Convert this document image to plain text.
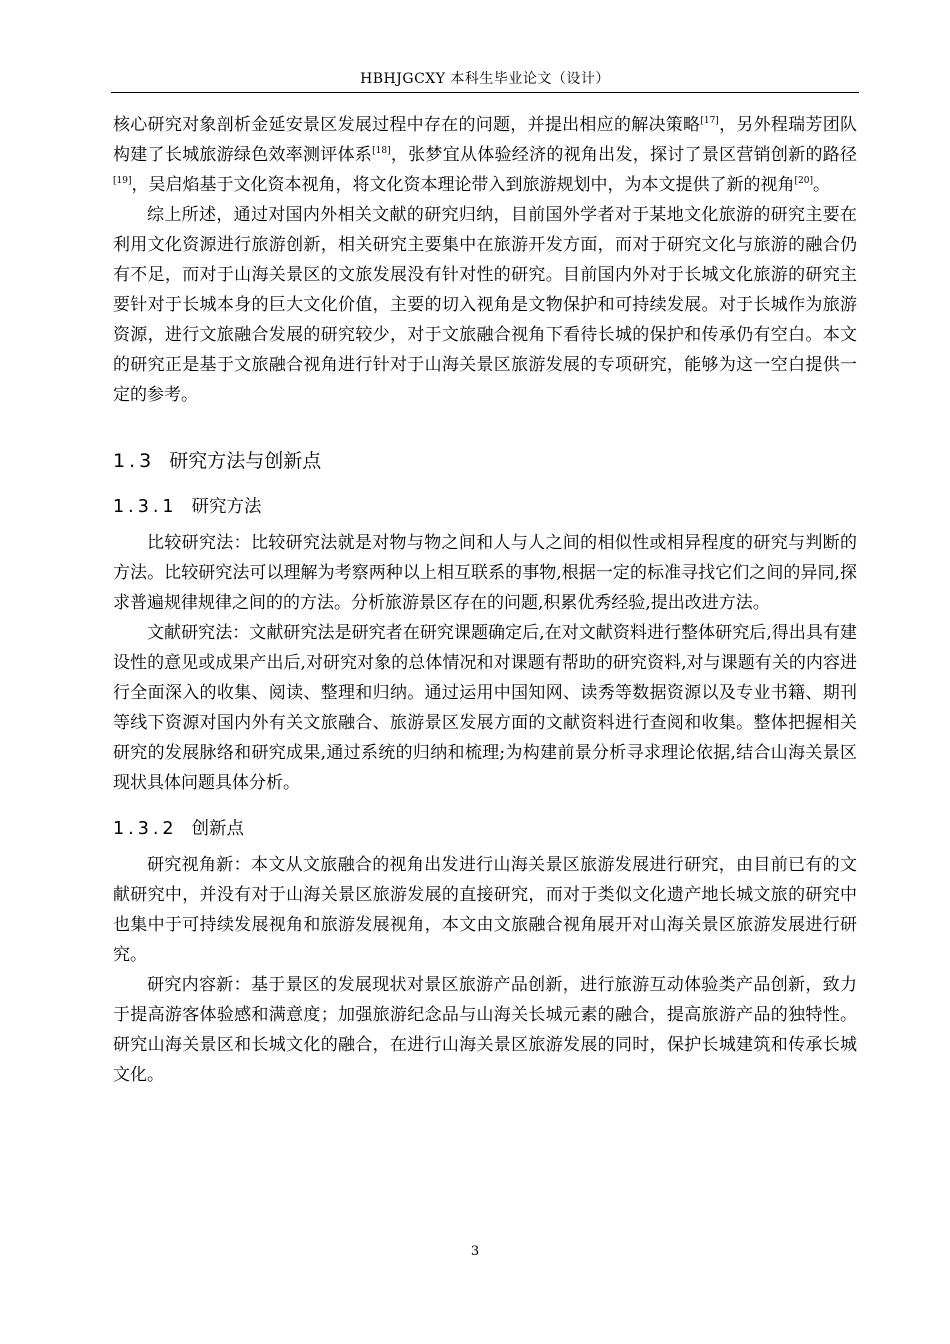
HBHJGCXY 本科生毕业论文（设计）

核心研究对象剖析金延安景区发展过程中存在的问题，并提出相应的解决策略[17]，另外程瑞芳团队构建了长城旅游绿色效率测评体系[18]，张梦宜从体验经济的视角出发，探讨了景区营销创新的路径[19]，吴启焰基于文化资本视角，将文化资本理论带入到旅游规划中，为本文提供了新的视角[20]。

综上所述，通过对国内外相关文献的研究归纳，目前国外学者对于某地文化旅游的研究主要在利用文化资源进行旅游创新，相关研究主要集中在旅游开发方面，而对于研究文化与旅游的融合仍有不足，而对于山海关景区的文旅发展没有针对性的研究。目前国内外对于长城文化旅游的研究主要针对于长城本身的巨大文化价值，主要的切入视角是文物保护和可持续发展。对于长城作为旅游资源，进行文旅融合发展的研究较少，对于文旅融合视角下看待长城的保护和传承仍有空白。本文的研究正是基于文旅融合视角进行针对于山海关景区旅游发展的专项研究，能够为这一空白提供一定的参考。

1.3 研究方法与创新点
1.3.1 研究方法

比较研究法：比较研究法就是对物与物之间和人与人之间的相似性或相异程度的研究与判断的方法。比较研究法可以理解为考察两种以上相互联系的事物,根据一定的标准寻找它们之间的异同,探求普遍规律规律之间的的方法。分析旅游景区存在的问题,积累优秀经验,提出改进方法。

文献研究法：文献研究法是研究者在研究课题确定后,在对文献资料进行整体研究后,得出具有建设性的意见或成果产出后,对研究对象的总体情况和对课题有帮助的研究资料,对与课题有关的内容进行全面深入的收集、阅读、整理和归纳。通过运用中国知网、读秀等数据资源以及专业书籍、期刊等线下资源对国内外有关文旅融合、旅游景区发展方面的文献资料进行查阅和收集。整体把握相关研究的发展脉络和研究成果,通过系统的归纳和梳理;为构建前景分析寻求理论依据,结合山海关景区现状具体问题具体分析。

1.3.2 创新点

研究视角新：本文从文旅融合的视角出发进行山海关景区旅游发展进行研究，由目前已有的文献研究中，并没有对于山海关景区旅游发展的直接研究，而对于类似文化遗产地长城文旅的研究中也集中于可持续发展视角和旅游发展视角，本文由文旅融合视角展开对山海关景区旅游发展进行研究。

研究内容新：基于景区的发展现状对景区旅游产品创新，进行旅游互动体验类产品创新，致力于提高游客体验感和满意度；加强旅游纪念品与山海关长城元素的融合，提高旅游产品的独特性。研究山海关景区和长城文化的融合，在进行山海关景区旅游发展的同时，保护长城建筑和传承长城文化。

3
